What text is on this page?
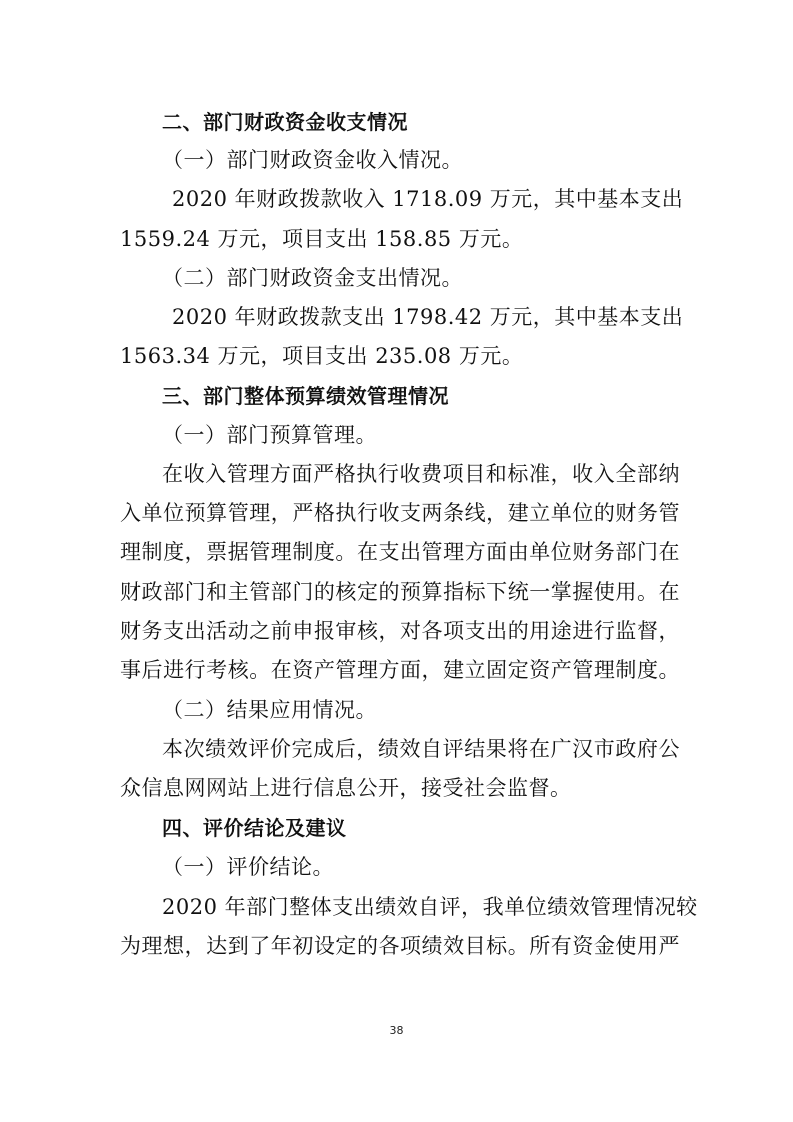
二、部门财政资金收支情况
（一）部门财政资金收入情况。
2020 年财政拨款收入 1718.09 万元，其中基本支出
1559.24 万元，项目支出 158.85 万元。
（二）部门财政资金支出情况。
2020 年财政拨款支出 1798.42 万元，其中基本支出
1563.34 万元，项目支出 235.08 万元。
三、部门整体预算绩效管理情况
（一）部门预算管理。
在收入管理方面严格执行收费项目和标准，收入全部纳
入单位预算管理，严格执行收支两条线，建立单位的财务管
理制度，票据管理制度。在支出管理方面由单位财务部门在
财政部门和主管部门的核定的预算指标下统一掌握使用。在
财务支出活动之前申报审核，对各项支出的用途进行监督，
事后进行考核。在资产管理方面，建立固定资产管理制度。
（二）结果应用情况。
本次绩效评价完成后，绩效自评结果将在广汉市政府公
众信息网网站上进行信息公开，接受社会监督。
四、评价结论及建议
（一）评价结论。
2020 年部门整体支出绩效自评，我单位绩效管理情况较
为理想，达到了年初设定的各项绩效目标。所有资金使用严
38
